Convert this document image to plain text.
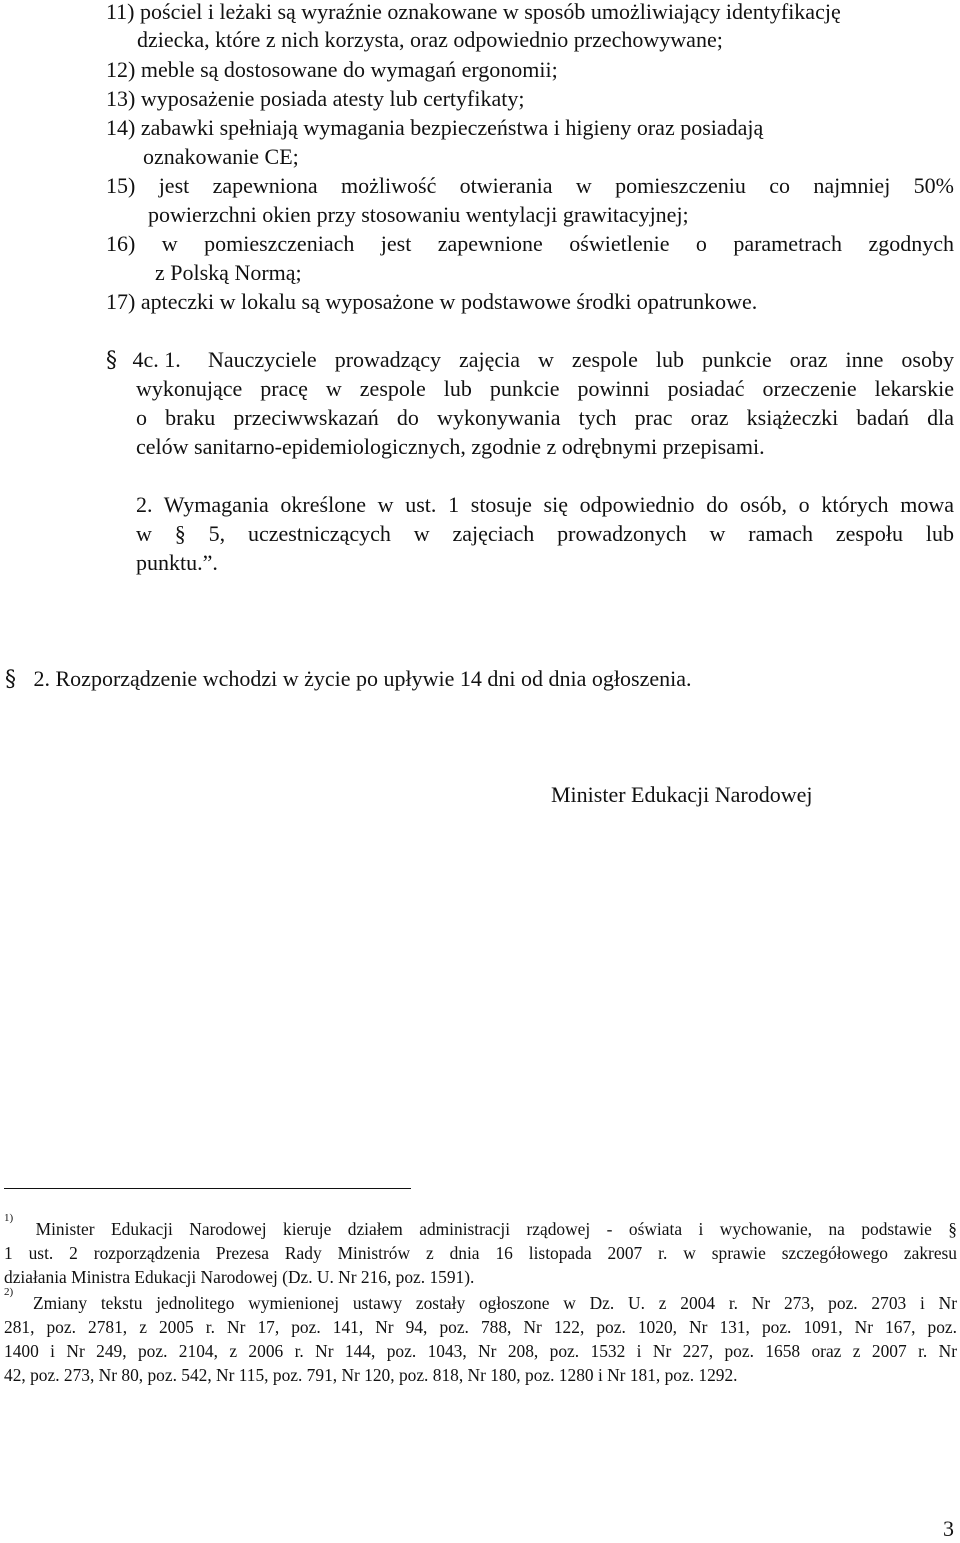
11) pościel i leżaki są wyraźnie oznakowane w sposób umożliwiający identyfikację
dziecka, które z nich korzysta, oraz odpowiednio przechowywane;
12) meble są dostosowane do wymagań ergonomii;
13) wyposażenie posiada atesty lub certyfikaty;
14) zabawki spełniają wymagania bezpieczeństwa i higieny oraz posiadają
oznakowanie CE;
15) jest zapewniona możliwość otwierania w pomieszczeniu co najmniej 50%
powierzchni okien przy stosowaniu wentylacji grawitacyjnej;
16) w pomieszczeniach jest zapewnione oświetlenie o parametrach zgodnych
z Polską Normą;
17) apteczki w lokalu są wyposażone w podstawowe środki opatrunkowe.
§ 4c. 1. Nauczyciele prowadzący zajęcia w zespole lub punkcie oraz inne osoby
wykonujące pracę w zespole lub punkcie powinni posiadać orzeczenie lekarskie
o braku przeciwwskazań do wykonywania tych prac oraz książeczki badań dla
celów sanitarno-epidemiologicznych, zgodnie z odrębnymi przepisami.
2. Wymagania określone w ust. 1 stosuje się odpowiednio do osób, o których mowa
w § 5, uczestniczących w zajęciach prowadzonych w ramach zespołu lub
punktu.”.
§ 2. Rozporządzenie wchodzi w życie po upływie 14 dni od dnia ogłoszenia.
Minister Edukacji Narodowej
$^{1)}$ Minister Edukacji Narodowej kieruje działem administracji rządowej - oświata i wychowanie, na podstawie §
1 ust. 2 rozporządzenia Prezesa Rady Ministrów z dnia 16 listopada 2007 r. w sprawie szczegółowego zakresu
działania Ministra Edukacji Narodowej (Dz. U. Nr 216, poz. 1591).
$^{2)}$ Zmiany tekstu jednolitego wymienionej ustawy zostały ogłoszone w Dz. U. z 2004 r. Nr 273, poz. 2703 i Nr
281, poz. 2781, z 2005 r. Nr 17, poz. 141, Nr 94, poz. 788, Nr 122, poz. 1020, Nr 131, poz. 1091, Nr 167, poz.
1400 i Nr 249, poz. 2104, z 2006 r. Nr 144, poz. 1043, Nr 208, poz. 1532 i Nr 227, poz. 1658 oraz z 2007 r. Nr
42, poz. 273, Nr 80, poz. 542, Nr 115, poz. 791, Nr 120, poz. 818, Nr 180, poz. 1280 i Nr 181, poz. 1292.
3
